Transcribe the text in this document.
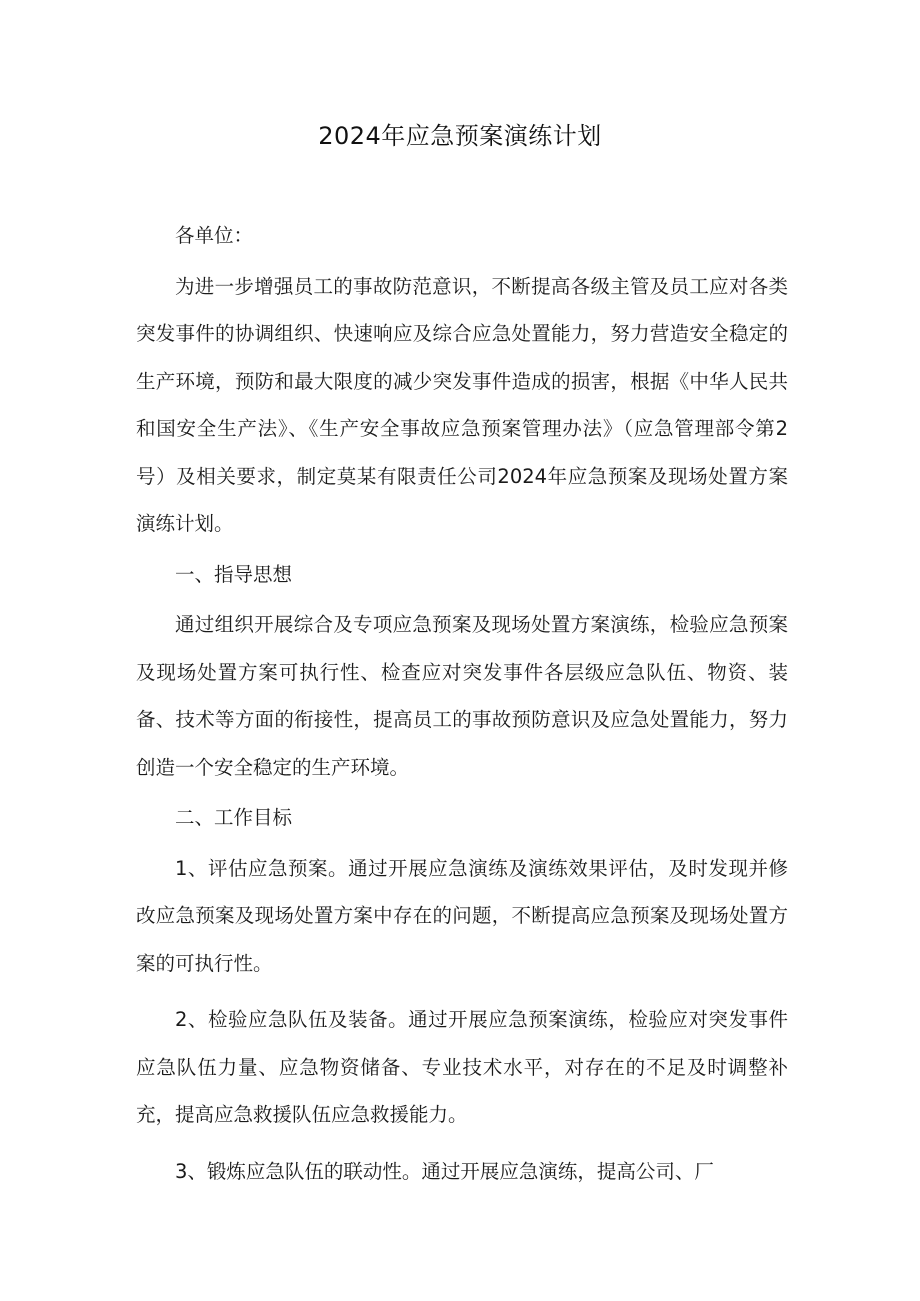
2024年应急预案演练计划

各单位：

为进一步增强员工的事故防范意识，不断提高各级主管及员工应对各类突发事件的协调组织、快速响应及综合应急处置能力，努力营造安全稳定的生产环境，预防和最大限度的减少突发事件造成的损害，根据《中华人民共和国安全生产法》、《生产安全事故应急预案管理办法》（应急管理部令第2号）及相关要求，制定莫某有限责任公司2024年应急预案及现场处置方案演练计划。

一、指导思想

通过组织开展综合及专项应急预案及现场处置方案演练，检验应急预案及现场处置方案可执行性、检查应对突发事件各层级应急队伍、物资、装备、技术等方面的衔接性，提高员工的事故预防意识及应急处置能力，努力创造一个安全稳定的生产环境。

二、工作目标

1、评估应急预案。通过开展应急演练及演练效果评估，及时发现并修改应急预案及现场处置方案中存在的问题，不断提高应急预案及现场处置方案的可执行性。

2、检验应急队伍及装备。通过开展应急预案演练，检验应对突发事件应急队伍力量、应急物资储备、专业技术水平，对存在的不足及时调整补充，提高应急救援队伍应急救援能力。

3、锻炼应急队伍的联动性。通过开展应急演练，提高公司、厂
